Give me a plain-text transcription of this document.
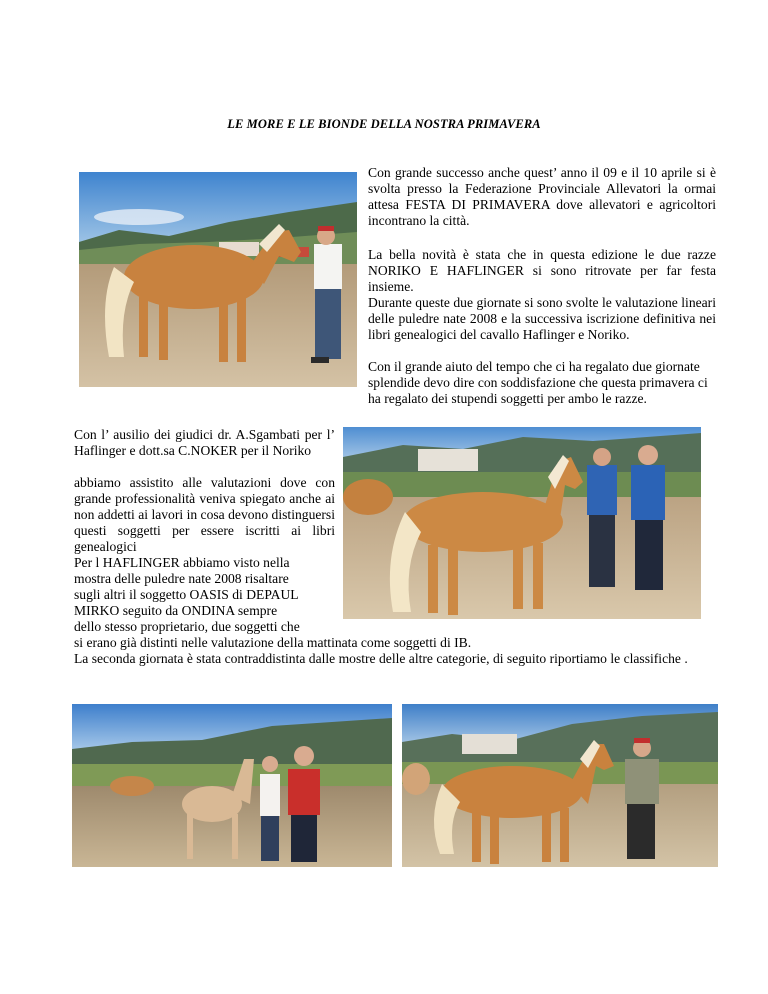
LE MORE E LE BIONDE DELLA NOSTRA PRIMAVERA
Con grande successo anche quest’ anno il 09 e il 10 aprile si è svolta presso la Federazione Provinciale Allevatori la ormai attesa FESTA DI PRIMAVERA dove allevatori e agricoltori incontrano la città.
La bella novità è stata che in questa edizione le due razze NORIKO E HAFLINGER si sono ritrovate per far festa insieme.
Durante queste due giornate si sono svolte le valutazione lineari delle puledre nate 2008 e la successiva iscrizione definitiva nei libri genealogici del cavallo Haflinger e Noriko.
Con il grande aiuto del tempo che ci ha regalato due giornate splendide devo dire con soddisfazione che questa primavera ci ha regalato dei stupendi soggetti per ambo le razze.
Con l’ ausilio dei giudici dr. A.Sgambati per l’ Haflinger e dott.sa C.NOKER per il Noriko
abbiamo assistito alle valutazioni dove con grande professionalità veniva spiegato anche ai non addetti ai lavori in cosa devono distinguersi questi soggetti per essere iscritti ai libri genealogici
Per l HAFLINGER abbiamo visto nella
mostra delle puledre nate 2008 risaltare
sugli altri il soggetto OASIS di DEPAUL
MIRKO seguito da ONDINA sempre
dello stesso proprietario, due soggetti che
si erano già distinti nelle valutazione della mattinata come soggetti di IB.
La seconda giornata è stata contraddistinta dalle mostre delle altre categorie, di seguito riportiamo le classifiche .
